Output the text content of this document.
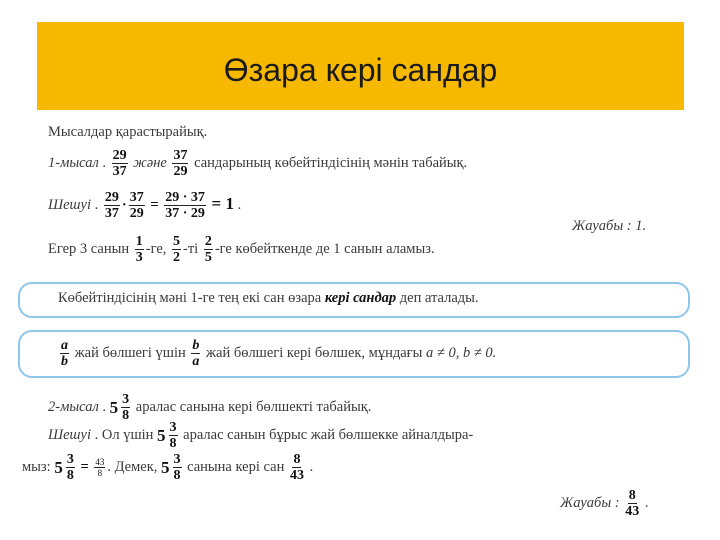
Өзара кері сандар
Мысалдар қарастырайық.
1-мысал . $\frac{29}{37}$ және $\frac{37}{29}$ сандарының көбейтіндісінің мәнін табайық.
Шешуі . $\frac{29}{37} \cdot \frac{37}{29} = \frac{29 \cdot 37}{37 \cdot 29} = 1$ .
Жауабы : 1.
Егер 3 санын $\frac{1}{3} -ге$, $\frac{5}{2} -ті \frac{2}{5} -ге$ көбейткенде де 1 санын аламыз.
Көбейтіндісінің мәні 1-ге тең екі сан өзара кері сандар деп аталады.
$\frac{a}{b}$ жай бөлшегі үшін $\frac{b}{a}$ жай бөлшегі кері бөлшек, мұндағы a ≠ 0, b ≠ 0.
2-мысал . $5 \frac{3}{8}$ аралас санына кері бөлшекті табайық.
Шешуі . Ол үшін $5 \frac{3}{8}$ аралас санын бұрыс жай бөлшекке айналдыра-
мыз: $5 \frac{3}{8} = \frac{43}{8}$ . Демек, $5 \frac{3}{8}$ санына кері сан $\frac{8}{43}$ .
Жауабы : $\frac{8}{43}$ .
